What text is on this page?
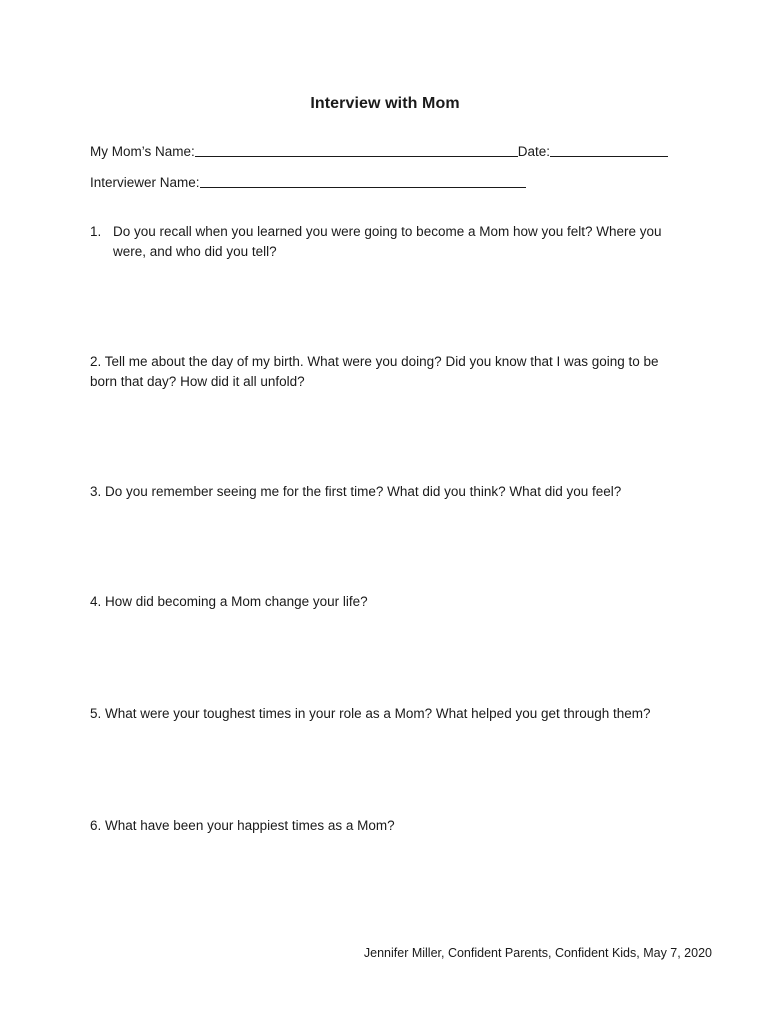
Interview with Mom
My Mom’s Name:	Date:
Interviewer Name:
1. Do you recall when you learned you were going to become a Mom how you felt? Where you were, and who did you tell?
2. Tell me about the day of my birth. What were you doing? Did you know that I was going to be born that day? How did it all unfold?
3. Do you remember seeing me for the first time? What did you think? What did you feel?
4. How did becoming a Mom change your life?
5. What were your toughest times in your role as a Mom? What helped you get through them?
6. What have been your happiest times as a Mom?
Jennifer Miller, Confident Parents, Confident Kids, May 7, 2020
